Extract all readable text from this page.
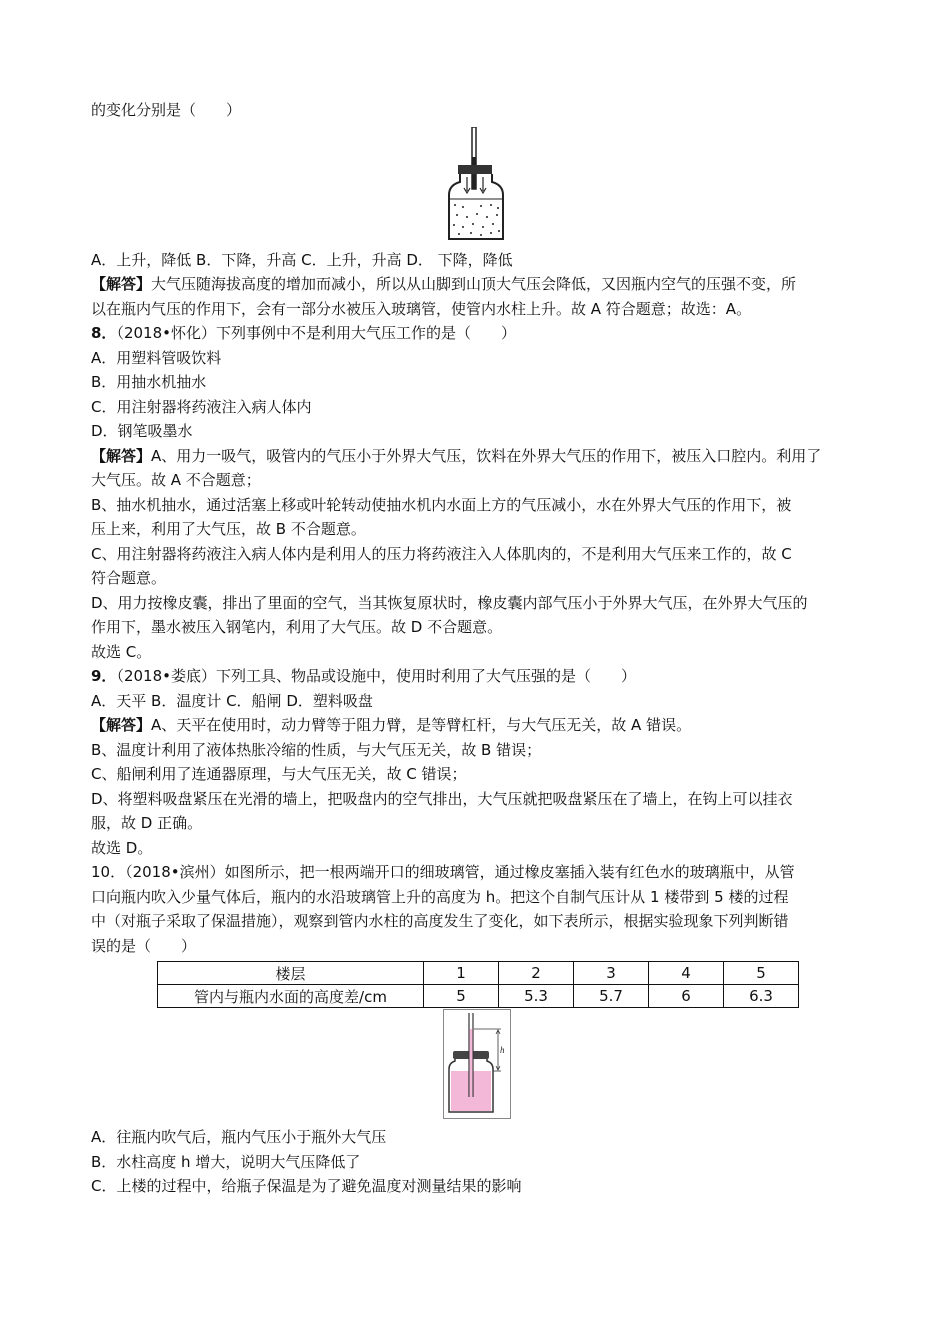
的变化分别是（　　）
A．上升，降低 B．下降，升高 C．上升，升高 D． 下降，降低
【解答】大气压随海拔高度的增加而减小，所以从山脚到山顶大气压会降低，又因瓶内空气的压强不变，所
以在瓶内气压的作用下，会有一部分水被压入玻璃管，使管内水柱上升。故 A 符合题意；故选：A。
8．（2018•怀化）下列事例中不是利用大气压工作的是（　　）
A．用塑料管吸饮料
B．用抽水机抽水
C．用注射器将药液注入病人体内
D．钢笔吸墨水
【解答】A、用力一吸气，吸管内的气压小于外界大气压，饮料在外界大气压的作用下，被压入口腔内。利用了
大气压。故 A 不合题意；
B、抽水机抽水，通过活塞上移或叶轮转动使抽水机内水面上方的气压减小，水在外界大气压的作用下，被
压上来，利用了大气压，故 B 不合题意。
C、用注射器将药液注入病人体内是利用人的压力将药液注入人体肌肉的，不是利用大气压来工作的，故 C
符合题意。
D、用力按橡皮囊，排出了里面的空气，当其恢复原状时，橡皮囊内部气压小于外界大气压，在外界大气压的
作用下，墨水被压入钢笔内，利用了大气压。故 D 不合题意。
故选 C。
9．（2018•娄底）下列工具、物品或设施中，使用时利用了大气压强的是（　　）
A．天平 B．温度计 C．船闸 D．塑料吸盘
【解答】A、天平在使用时，动力臂等于阻力臂，是等臂杠杆，与大气压无关，故 A 错误。
B、温度计利用了液体热胀冷缩的性质，与大气压无关，故 B 错误；
C、船闸利用了连通器原理，与大气压无关，故 C 错误；
D、将塑料吸盘紧压在光滑的墙上，把吸盘内的空气排出，大气压就把吸盘紧压在了墙上，在钩上可以挂衣
服，故 D 正确。
故选 D。
10．（2018•滨州）如图所示，把一根两端开口的细玻璃管，通过橡皮塞插入装有红色水的玻璃瓶中，从管
口向瓶内吹入少量气体后，瓶内的水沿玻璃管上升的高度为 h。把这个自制气压计从 1 楼带到 5 楼的过程
中（对瓶子采取了保温措施），观察到管内水柱的高度发生了变化，如下表所示，根据实验现象下列判断错
误的是（　　）
楼层	1	2	3	4	5
管内与瓶内水面的高度差/cm	5	5.3	5.7	6	6.3
h
A．往瓶内吹气后，瓶内气压小于瓶外大气压
B．水柱高度 h 增大，说明大气压降低了
C．上楼的过程中，给瓶子保温是为了避免温度对测量结果的影响
